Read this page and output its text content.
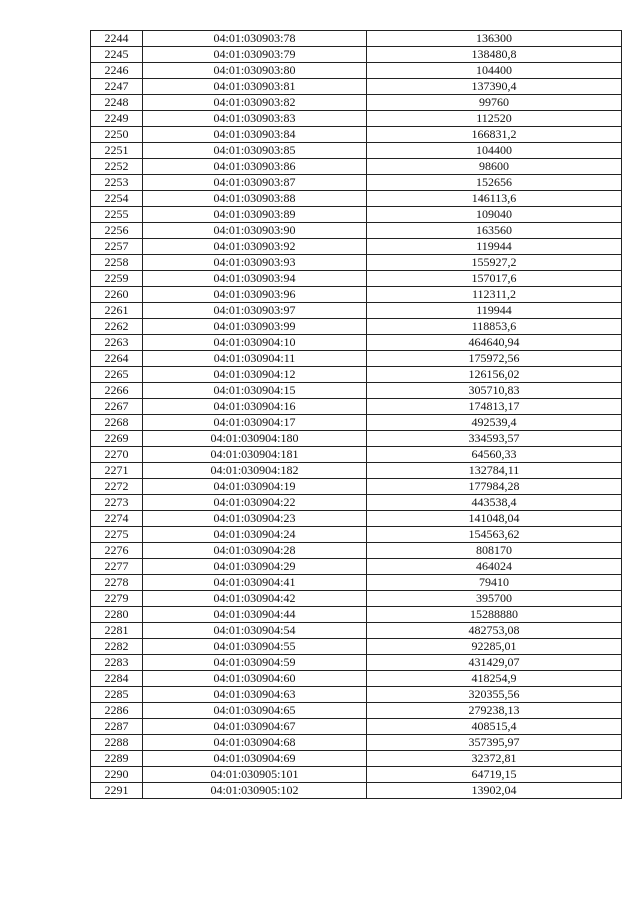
2244	04:01:030903:78	136300
2245	04:01:030903:79	138480,8
2246	04:01:030903:80	104400
2247	04:01:030903:81	137390,4
2248	04:01:030903:82	99760
2249	04:01:030903:83	112520
2250	04:01:030903:84	166831,2
2251	04:01:030903:85	104400
2252	04:01:030903:86	98600
2253	04:01:030903:87	152656
2254	04:01:030903:88	146113,6
2255	04:01:030903:89	109040
2256	04:01:030903:90	163560
2257	04:01:030903:92	119944
2258	04:01:030903:93	155927,2
2259	04:01:030903:94	157017,6
2260	04:01:030903:96	112311,2
2261	04:01:030903:97	119944
2262	04:01:030903:99	118853,6
2263	04:01:030904:10	464640,94
2264	04:01:030904:11	175972,56
2265	04:01:030904:12	126156,02
2266	04:01:030904:15	305710,83
2267	04:01:030904:16	174813,17
2268	04:01:030904:17	492539,4
2269	04:01:030904:180	334593,57
2270	04:01:030904:181	64560,33
2271	04:01:030904:182	132784,11
2272	04:01:030904:19	177984,28
2273	04:01:030904:22	443538,4
2274	04:01:030904:23	141048,04
2275	04:01:030904:24	154563,62
2276	04:01:030904:28	808170
2277	04:01:030904:29	464024
2278	04:01:030904:41	79410
2279	04:01:030904:42	395700
2280	04:01:030904:44	15288880
2281	04:01:030904:54	482753,08
2282	04:01:030904:55	92285,01
2283	04:01:030904:59	431429,07
2284	04:01:030904:60	418254,9
2285	04:01:030904:63	320355,56
2286	04:01:030904:65	279238,13
2287	04:01:030904:67	408515,4
2288	04:01:030904:68	357395,97
2289	04:01:030904:69	32372,81
2290	04:01:030905:101	64719,15
2291	04:01:030905:102	13902,04
